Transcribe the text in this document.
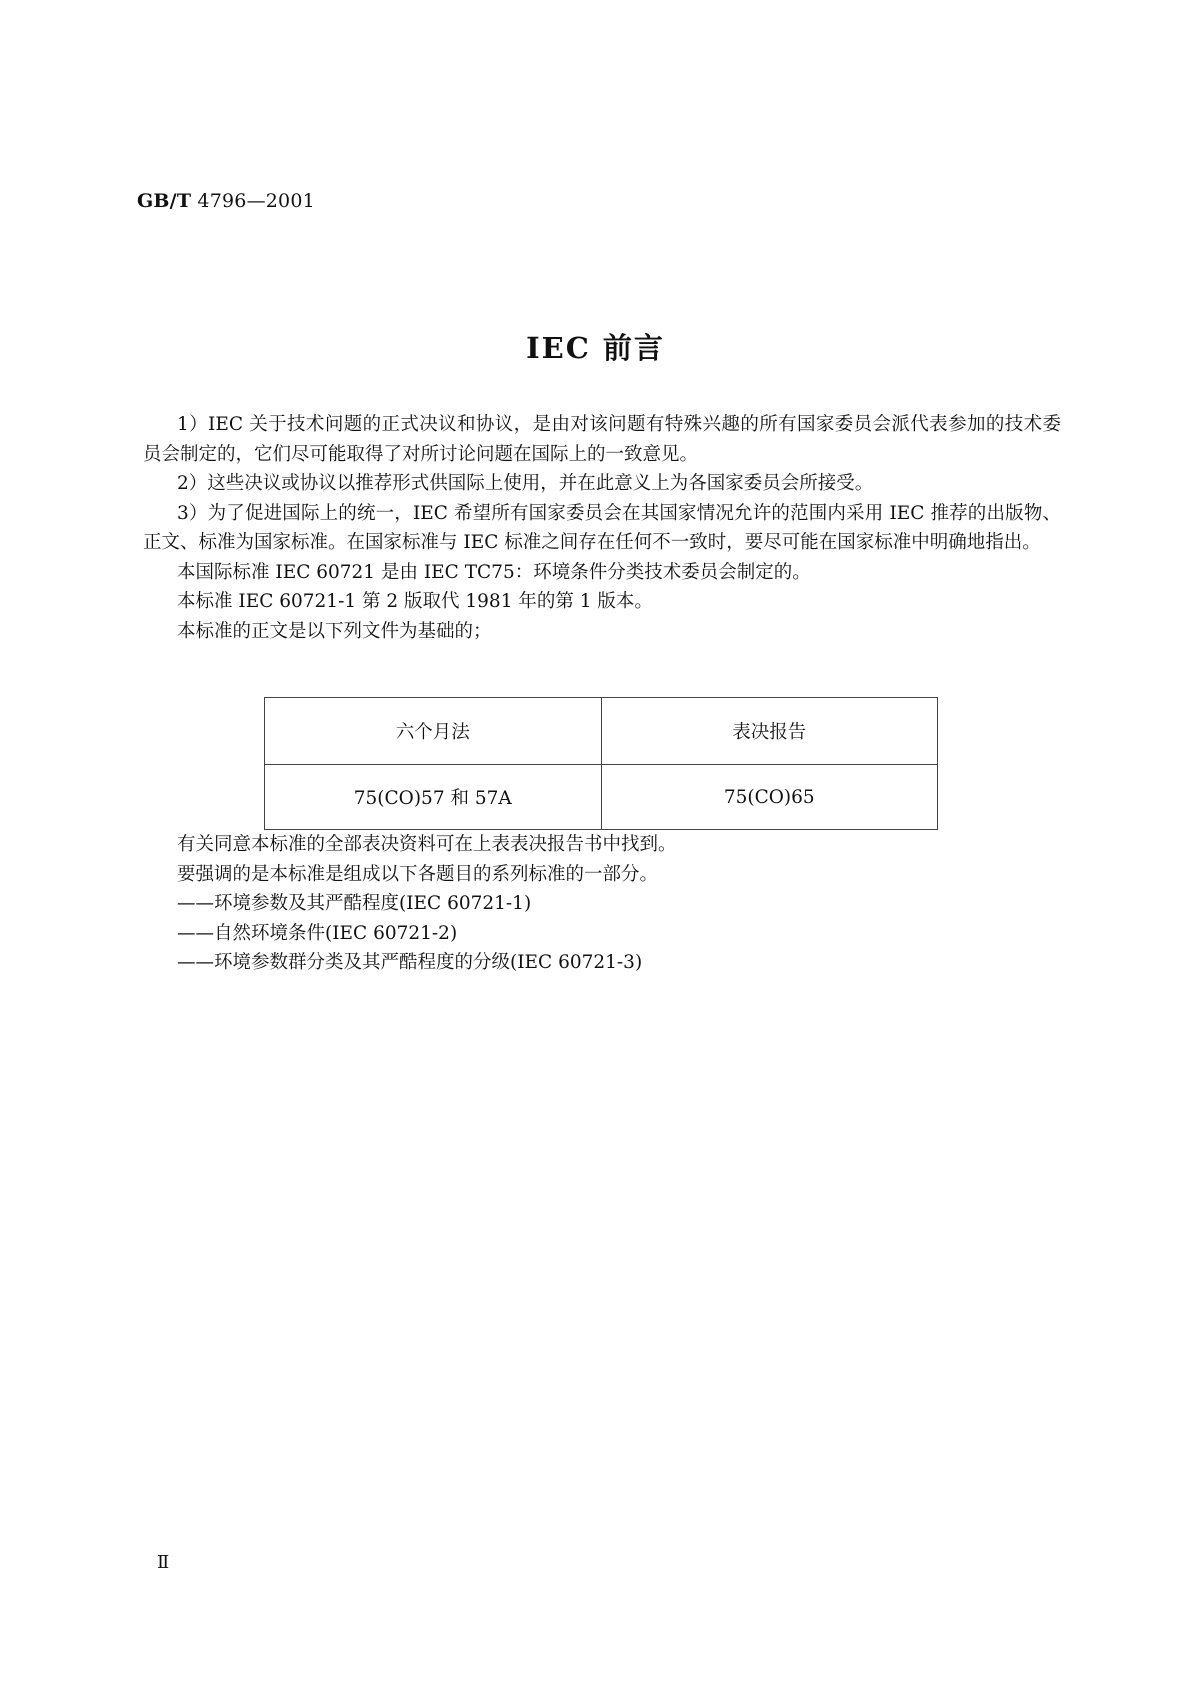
GB/T 4796—2001
IEC 前言

1）IEC 关于技术问题的正式决议和协议，是由对该问题有特殊兴趣的所有国家委员会派代表参加的技术委员会制定的，它们尽可能取得了对所讨论问题在国际上的一致意见。

2）这些决议或协议以推荐形式供国际上使用，并在此意义上为各国家委员会所接受。

3）为了促进国际上的统一，IEC 希望所有国家委员会在其国家情况允许的范围内采用 IEC 推荐的出版物、正文、标准为国家标准。在国家标准与 IEC 标准之间存在任何不一致时，要尽可能在国家标准中明确地指出。

本国际标准 IEC 60721 是由 IEC TC75：环境条件分类技术委员会制定的。

本标准 IEC 60721-1 第 2 版取代 1981 年的第 1 版本。

本标准的正文是以下列文件为基础的；

六个月法	表决报告
75(CO)57 和 57A	75(CO)65

有关同意本标准的全部表决资料可在上表表决报告书中找到。

要强调的是本标准是组成以下各题目的系列标准的一部分。

——环境参数及其严酷程度(IEC 60721-1)

——自然环境条件(IEC 60721-2)

——环境参数群分类及其严酷程度的分级(IEC 60721-3)

Ⅱ
